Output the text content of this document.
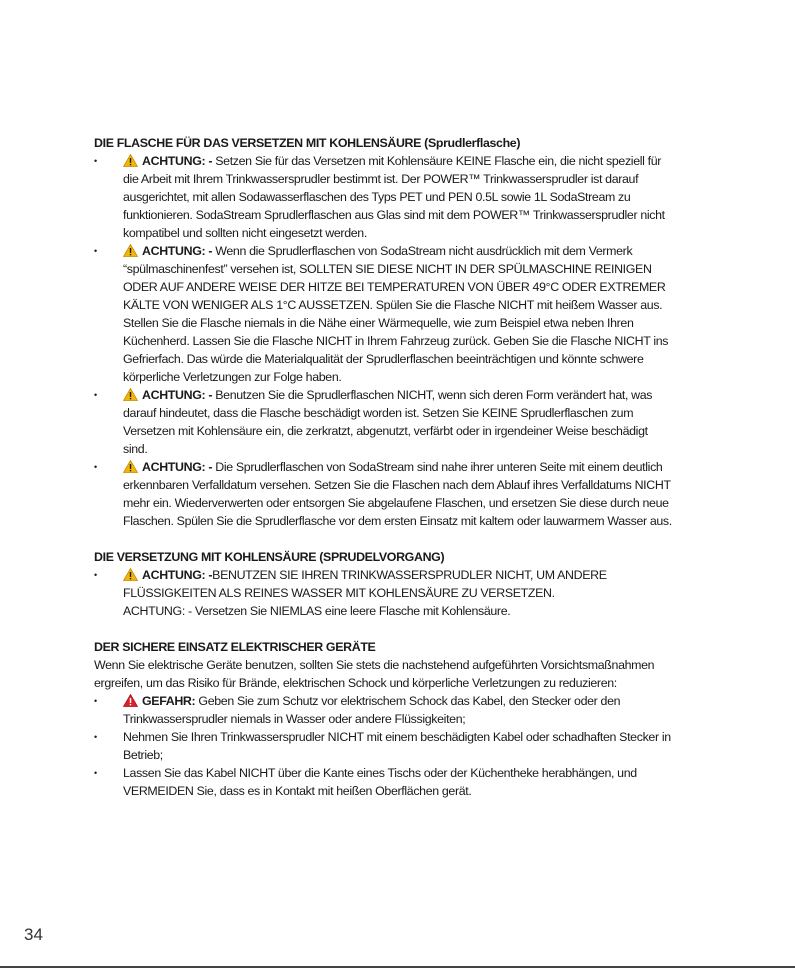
DIE FLASCHE FÜR DAS VERSETZEN MIT KOHLENSÄURE (Sprudlerflasche)

•	ACHTUNG: - Setzen Sie für das Versetzen mit Kohlensäure KEINE Flasche ein, die nicht speziell für die Arbeit mit Ihrem Trinkwassersprudler bestimmt ist. Der POWER™ Trinkwassersprudler ist darauf ausgerichtet, mit allen Sodawasserflaschen des Typs PET und PEN 0.5L sowie 1L SodaStream zu funktionieren. SodaStream Sprudlerflaschen aus Glas sind mit dem POWER™ Trinkwassersprudler nicht kompatibel und sollten nicht eingesetzt werden.
•	ACHTUNG: - Wenn die Sprudlerflaschen von SodaStream nicht ausdrücklich mit dem Vermerk “spülmaschinenfest” versehen ist, SOLLTEN SIE DIESE NICHT IN DER SPÜLMASCHINE REINIGEN ODER AUF ANDERE WEISE DER HITZE BEI TEMPERATUREN VON ÜBER 49°C ODER EXTREMER KÄLTE VON WENIGER ALS 1°C AUSSETZEN. Spülen Sie die Flasche NICHT mit heißem Wasser aus. Stellen Sie die Flasche niemals in die Nähe einer Wärmequelle, wie zum Beispiel etwa neben Ihren Küchenherd. Lassen Sie die Flasche NICHT in Ihrem Fahrzeug zurück. Geben Sie die Flasche NICHT ins Gefrierfach. Das würde die Materialqualität der Sprudlerflaschen beeinträchtigen und könnte schwere körperliche Verletzungen zur Folge haben.
•	ACHTUNG: - Benutzen Sie die Sprudlerflaschen NICHT, wenn sich deren Form verändert hat, was darauf hindeutet, dass die Flasche beschädigt worden ist. Setzen Sie KEINE Sprudlerflaschen zum Versetzen mit Kohlensäure ein, die zerkratzt, abgenutzt, verfärbt oder in irgendeiner Weise beschädigt sind.
•	ACHTUNG: - Die Sprudlerflaschen von SodaStream sind nahe ihrer unteren Seite mit einem deutlich erkennbaren Verfalldatum versehen. Setzen Sie die Flaschen nach dem Ablauf ihres Verfalldatums NICHT mehr ein. Wiederverwerten oder entsorgen Sie abgelaufene Flaschen, und ersetzen Sie diese durch neue Flaschen. Spülen Sie die Sprudlerflasche vor dem ersten Einsatz mit kaltem oder lauwarmem Wasser aus.

DIE VERSETZUNG MIT KOHLENSÄURE (SPRUDELVORGANG)

•	ACHTUNG: -BENUTZEN SIE IHREN TRINKWASSERSPRUDLER NICHT, UM ANDERE FLÜSSIGKEITEN ALS REINES WASSER MIT KOHLENSÄURE ZU VERSETZEN.

ACHTUNG: - Versetzen Sie NIEMLAS eine leere Flasche mit Kohlensäure.

DER SICHERE EINSATZ ELEKTRISCHER GERÄTE

Wenn Sie elektrische Geräte benutzen, sollten Sie stets die nachstehend aufgeführten Vorsichtsmaßnahmen ergreifen, um das Risiko für Brände, elektrischen Schock und körperliche Verletzungen zu reduzieren:

•	GEFAHR: Geben Sie zum Schutz vor elektrischem Schock das Kabel, den Stecker oder den Trinkwassersprudler niemals in Wasser oder andere Flüssigkeiten;
•	Nehmen Sie Ihren Trinkwassersprudler NICHT mit einem beschädigten Kabel oder schadhaften Stecker in Betrieb;
•	Lassen Sie das Kabel NICHT über die Kante eines Tischs oder der Küchentheke herabhängen, und VERMEIDEN Sie, dass es in Kontakt mit heißen Oberflächen gerät.
34
